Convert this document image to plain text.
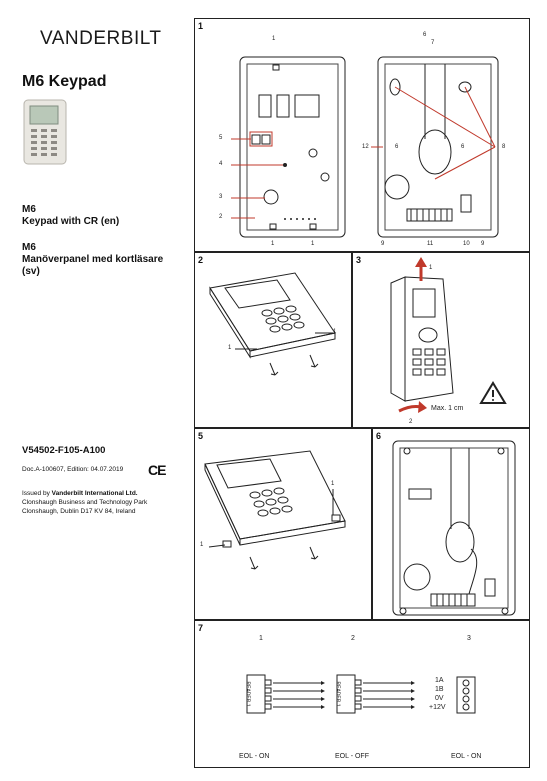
VANDERBILT
M6 Keypad
M6
Keypad with CR (en)
M6
Manöverpanel med kortläsare (sv)
V54502-F105-A100
Doc.A-100607, Edition: 04.07.2019 CE
Issued by Vanderbilt International Ltd.
Clonshaugh Business and Technology Park
Clonshaugh, Dublin D17 KV 84, Ireland
1
1
5
4
3
2
1	1
6
7
12	6	6	8
9	11	10 9
2
1
1
3
1
2
Max. 1 cm
5
1
1
6
7
1	2	3
READER 1	READER 1
1A
1B
0V
+12V
EOL - ON	EOL - OFF	EOL - ON
